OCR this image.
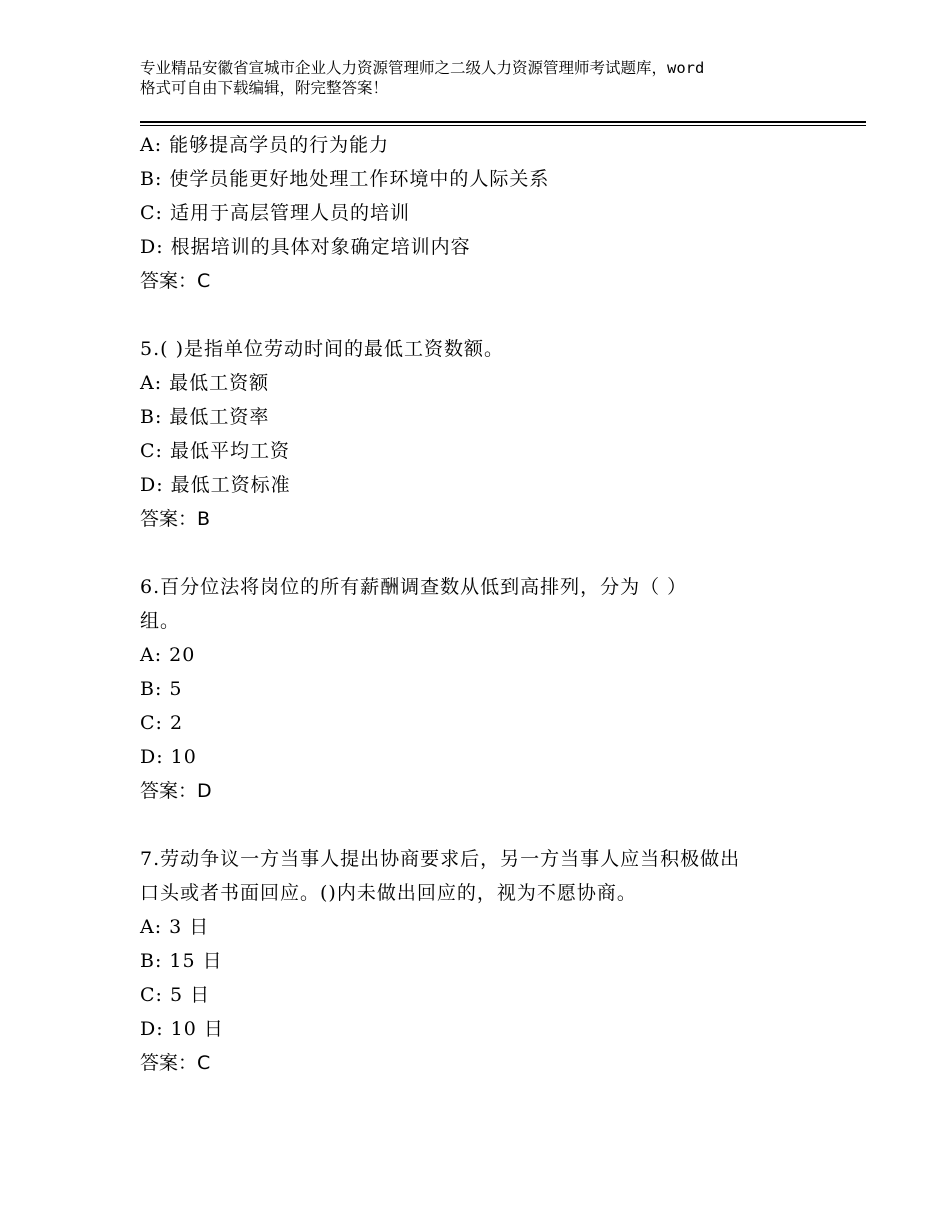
专业精品安徽省宣城市企业人力资源管理师之二级人力资源管理师考试题库，word
格式可自由下载编辑，附完整答案！
A: 能够提高学员的行为能力
B: 使学员能更好地处理工作环境中的人际关系
C: 适用于高层管理人员的培训
D: 根据培训的具体对象确定培训内容
答案：C
5.( )是指单位劳动时间的最低工资数额。
A: 最低工资额
B: 最低工资率
C: 最低平均工资
D: 最低工资标准
答案：B
6.百分位法将岗位的所有薪酬调查数从低到高排列，分为（ ）
组。
A: 20
B: 5
C: 2
D: 10
答案：D
7.劳动争议一方当事人提出协商要求后，另一方当事人应当积极做出
口头或者书面回应。()内未做出回应的，视为不愿协商。
A: 3 日
B: 15 日
C: 5 日
D: 10 日
答案：C
